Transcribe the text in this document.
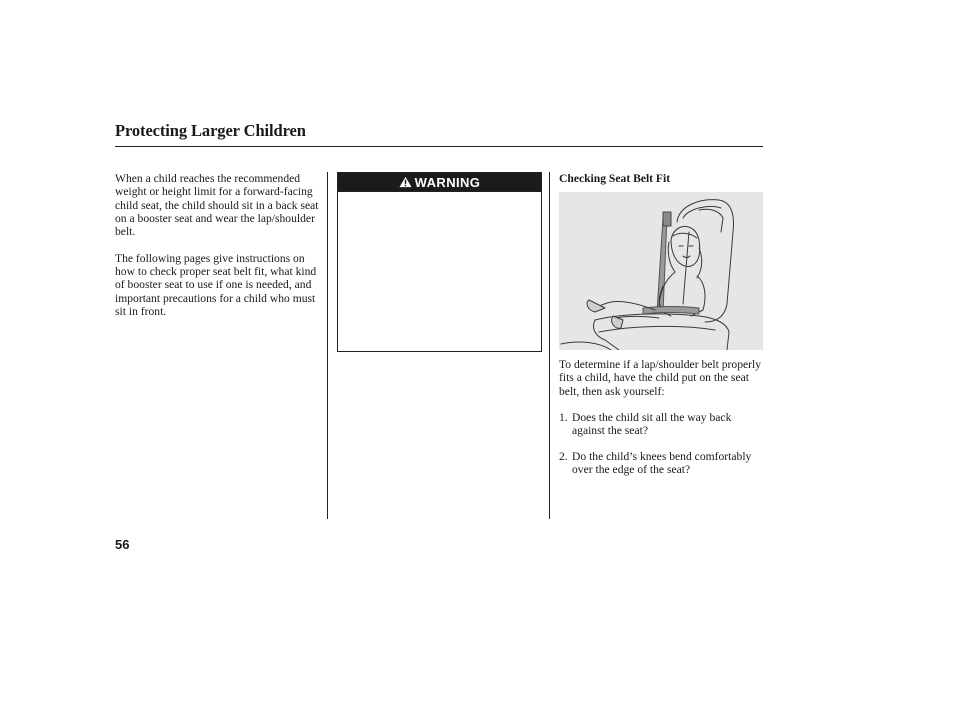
Protecting Larger Children

When a child reaches the recommended weight or height limit for a forward-facing child seat, the child should sit in a back seat on a booster seat and wear the lap/shoulder belt.

The following pages give instructions on how to check proper seat belt fit, what kind of booster seat to use if one is needed, and important precautions for a child who must sit in front.

WARNING	Checking Seat Belt Fit

To determine if a lap/shoulder belt properly fits a child, have the child put on the seat belt, then ask yourself:

1. Does the child sit all the way back against the seat?
2. Do the child’s knees bend comfortably over the edge of the seat?
56
